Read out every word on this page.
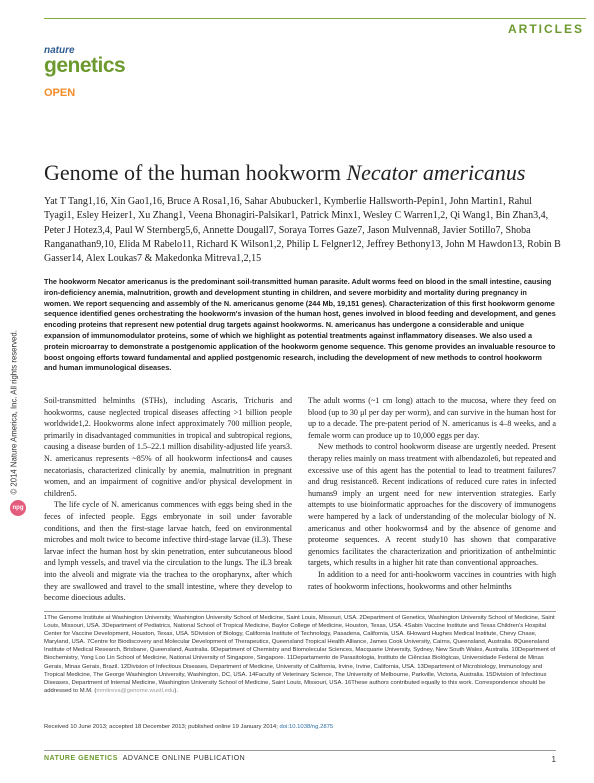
ARTICLES
nature
genetics
OPEN
Genome of the human hookworm Necator americanus
Yat T Tang1,16, Xin Gao1,16, Bruce A Rosa1,16, Sahar Abubucker1, Kymberlie Hallsworth-Pepin1, John Martin1, Rahul Tyagi1, Esley Heizer1, Xu Zhang1, Veena Bhonagiri-Palsikar1, Patrick Minx1, Wesley C Warren1,2, Qi Wang1, Bin Zhan3,4, Peter J Hotez3,4, Paul W Sternberg5,6, Annette Dougall7, Soraya Torres Gaze7, Jason Mulvenna8, Javier Sotillo7, Shoba Ranganathan9,10, Elida M Rabelo11, Richard K Wilson1,2, Philip L Felgner12, Jeffrey Bethony13, John M Hawdon13, Robin B Gasser14, Alex Loukas7 & Makedonka Mitreva1,2,15
The hookworm Necator americanus is the predominant soil-transmitted human parasite. Adult worms feed on blood in the small intestine, causing iron-deficiency anemia, malnutrition, growth and development stunting in children, and severe morbidity and mortality during pregnancy in women. We report sequencing and assembly of the N. americanus genome (244 Mb, 19,151 genes). Characterization of this first hookworm genome sequence identified genes orchestrating the hookworm's invasion of the human host, genes involved in blood feeding and development, and genes encoding proteins that represent new potential drug targets against hookworms. N. americanus has undergone a considerable and unique expansion of immunomodulator proteins, some of which we highlight as potential treatments against inflammatory diseases. We also used a protein microarray to demonstrate a postgenomic application of the hookworm genome sequence. This genome provides an invaluable resource to boost ongoing efforts toward fundamental and applied postgenomic research, including the development of new methods to control hookworm and human immunological diseases.

Soil-transmitted helminths (STHs), including Ascaris, Trichuris and hookworms, cause neglected tropical diseases affecting >1 billion people worldwide1,2. Hookworms alone infect approximately 700 million people, primarily in disadvantaged communities in tropical and subtropical regions, causing a disease burden of 1.5–22.1 million disability-adjusted life years3. N. americanus represents ~85% of all hookworm infections4 and causes necatoriasis, characterized clinically by anemia, malnutrition in pregnant women, and an impairment of cognitive and/or physical development in children5.

The life cycle of N. americanus commences with eggs being shed in the feces of infected people. Eggs embryonate in soil under favorable conditions, and then the first-stage larvae hatch, feed on environmental microbes and molt twice to become infective third-stage larvae (iL3). These larvae infect the human host by skin penetration, enter subcutaneous blood and lymph vessels, and travel via the circulation to the lungs. The iL3 break into the alveoli and migrate via the trachea to the oropharynx, after which they are swallowed and travel to the small intestine, where they develop to become dioecious adults.

The adult worms (~1 cm long) attach to the mucosa, where they feed on blood (up to 30 μl per day per worm), and can survive in the human host for up to a decade. The pre-patent period of N. americanus is 4–8 weeks, and a female worm can produce up to 10,000 eggs per day.

New methods to control hookworm disease are urgently needed. Present therapy relies mainly on mass treatment with albendazole6, but repeated and excessive use of this agent has the potential to lead to treatment failures7 and drug resistance8. Recent indications of reduced cure rates in infected humans9 imply an urgent need for new intervention strategies. Early attempts to use bioinformatic approaches for the discovery of immunogens were hampered by a lack of understanding of the molecular biology of N. americanus and other hookworms4 and by the absence of genome and proteome sequences. A recent study10 has shown that comparative genomics facilitates the characterization and prioritization of anthelmintic targets, which results in a higher hit rate than conventional approaches.

In addition to a need for anti-hookworm vaccines in countries with high rates of hookworm infections, hookworms and other helminths

1The Genome Institute at Washington University, Washington University School of Medicine, Saint Louis, Missouri, USA. 2Department of Genetics, Washington University School of Medicine, Saint Louis, Missouri, USA. 3Department of Pediatrics, National School of Tropical Medicine, Baylor College of Medicine, Houston, Texas, USA. 4Sabin Vaccine Institute and Texas Children's Hospital Center for Vaccine Development, Houston, Texas, USA. 5Division of Biology, California Institute of Technology, Pasadena, California, USA. 6Howard Hughes Medical Institute, Chevy Chase, Maryland, USA. 7Centre for Biodiscovery and Molecular Development of Therapeutics, Queensland Tropical Health Alliance, James Cook University, Cairns, Queensland, Australia. 8Queensland Institute of Medical Research, Brisbane, Queensland, Australia. 9Department of Chemistry and Biomolecular Sciences, Macquarie University, Sydney, New South Wales, Australia. 10Department of Biochemistry, Yong Loo Lin School of Medicine, National University of Singapore, Singapore. 11Departamento de Parasitologia, Instituto de Ciências Biológicas, Universidade Federal de Minas Gerais, Minas Gerais, Brazil. 12Division of Infectious Diseases, Department of Medicine, University of California, Irvine, Irvine, California, USA. 13Department of Microbiology, Immunology and Tropical Medicine, The George Washington University, Washington, DC, USA. 14Faculty of Veterinary Science, The University of Melbourne, Parkville, Victoria, Australia. 15Division of Infectious Diseases, Department of Internal Medicine, Washington University School of Medicine, Saint Louis, Missouri, USA. 16These authors contributed equally to this work. Correspondence should be addressed to M.M. (mmitreva@genome.wustl.edu).
Received 10 June 2013; accepted 18 December 2013; published online 19 January 2014; doi:10.1038/ng.2875
NATURE GENETICS ADVANCE ONLINE PUBLICATION	1
© 2014 Nature America, Inc. All rights reserved.
npg
